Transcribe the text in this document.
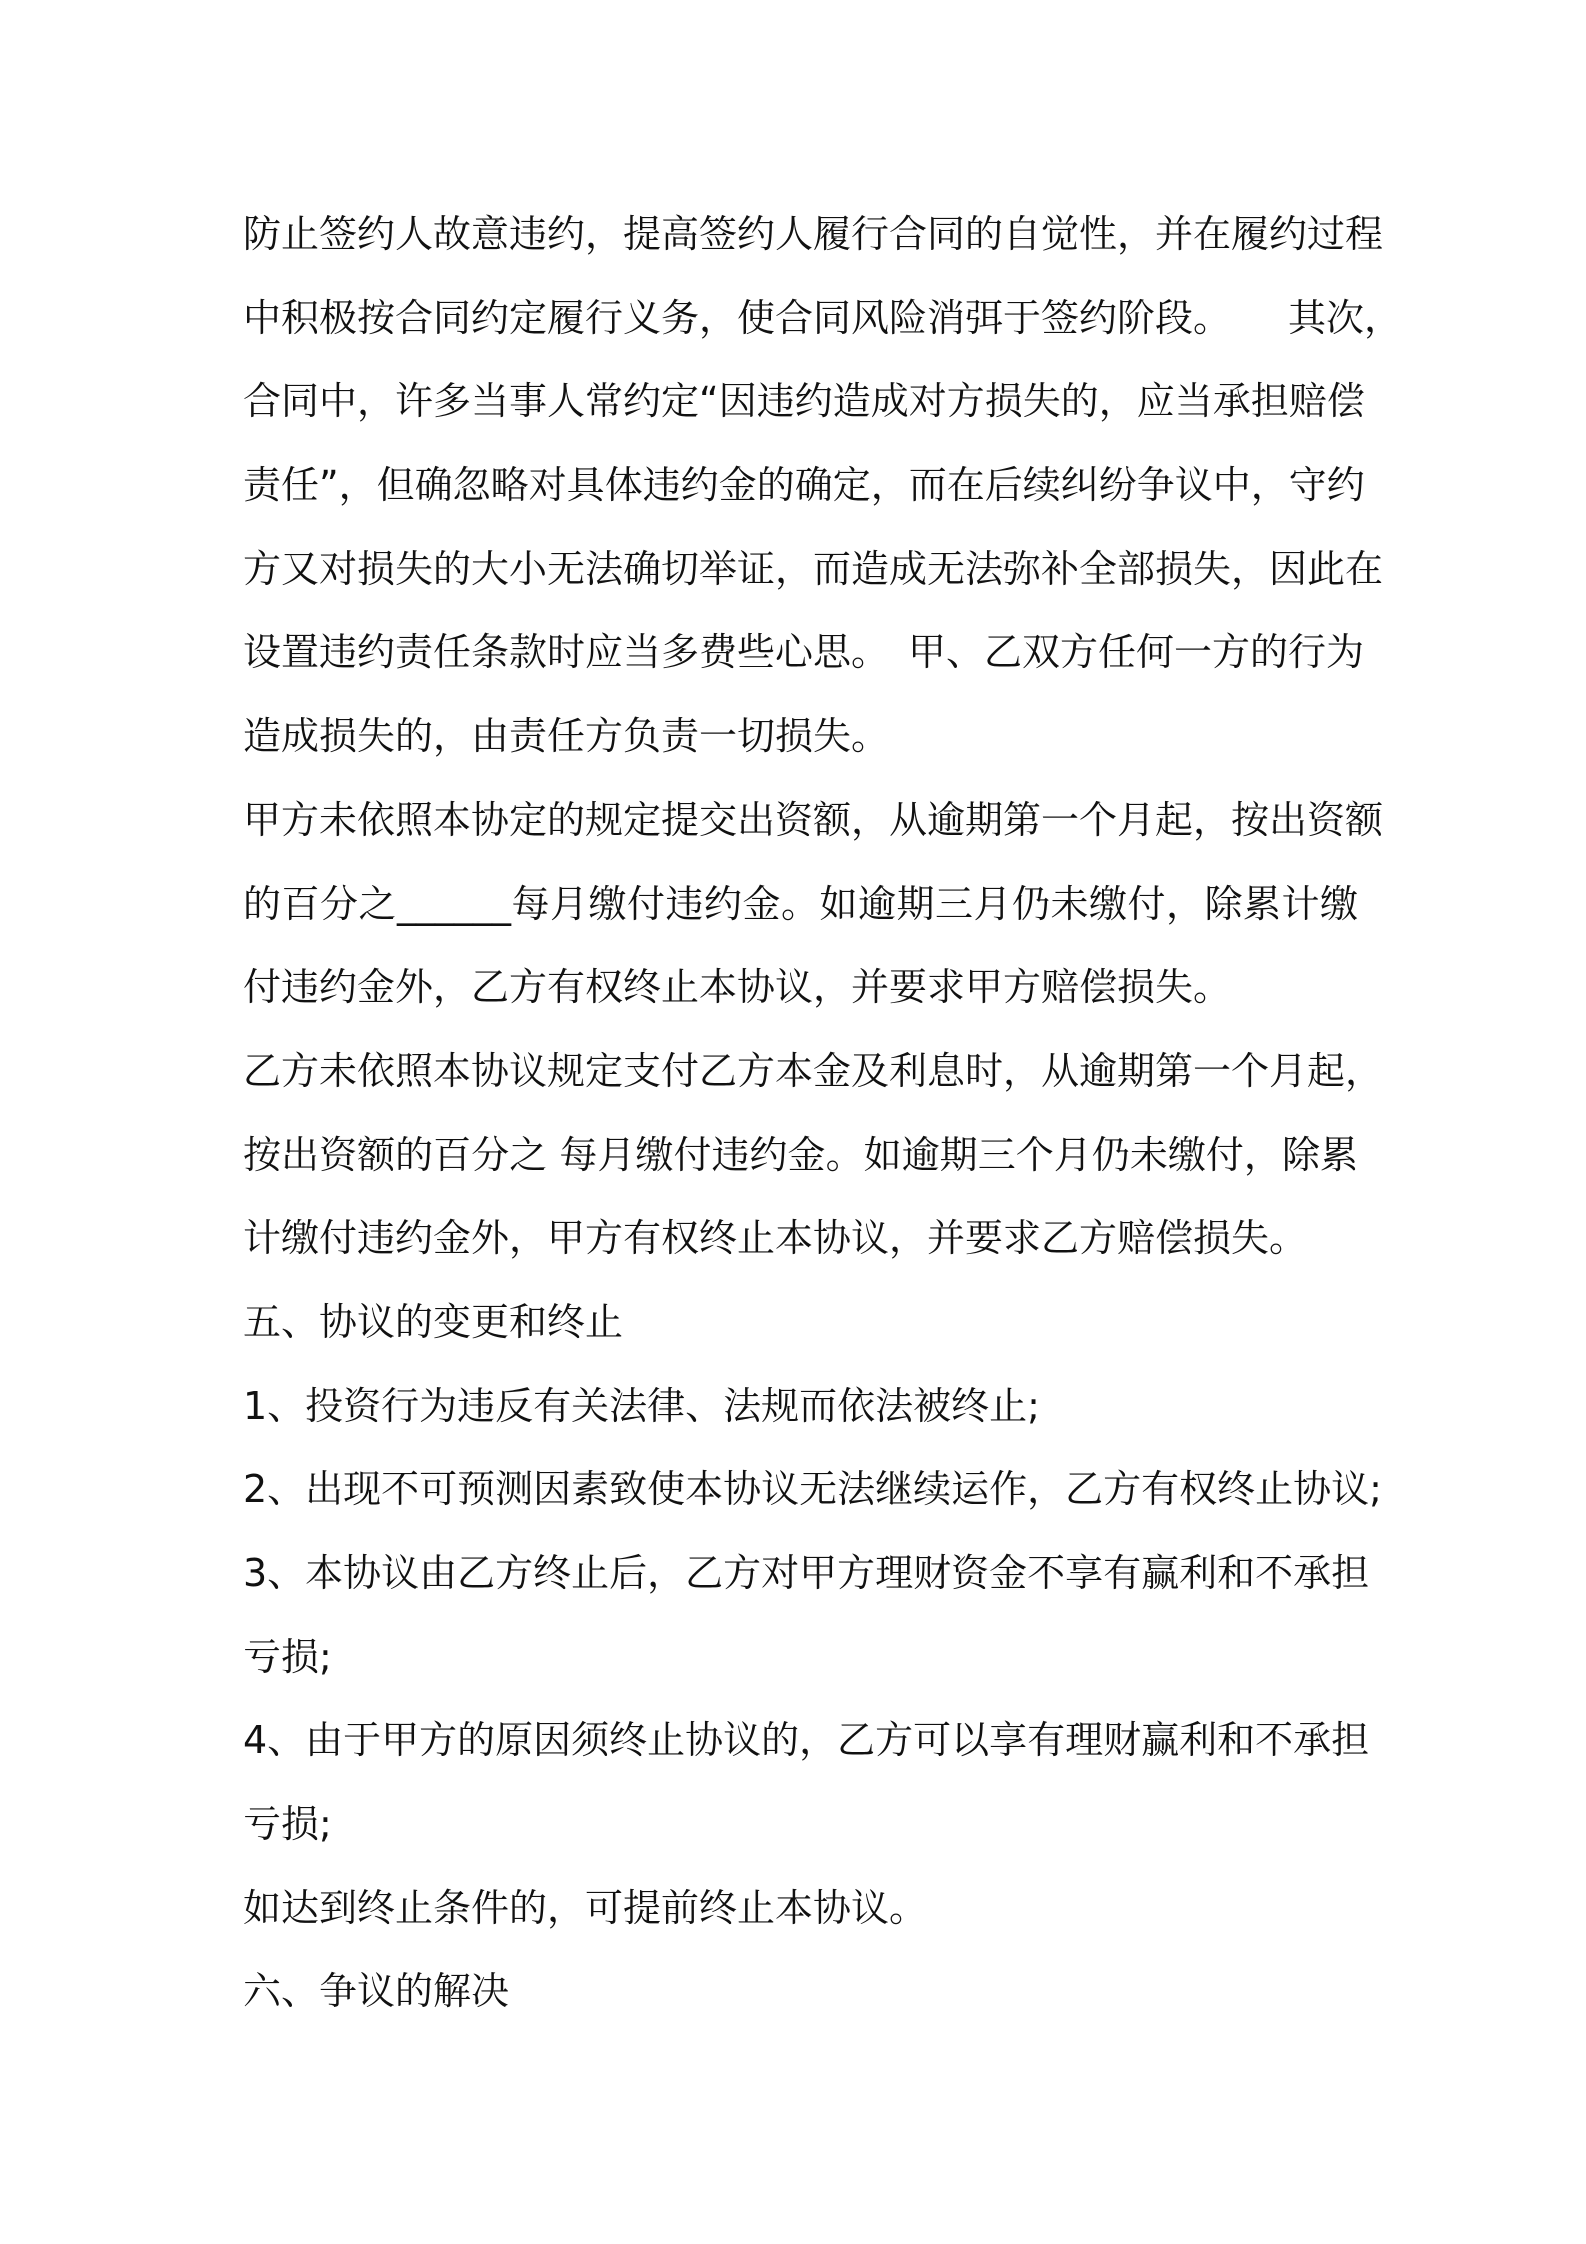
防止签约人故意违约，提高签约人履行合同的自觉性，并在履约过程
中积极按合同约定履行义务，使合同风险消弭于签约阶段。　　其次，
合同中，许多当事人常约定“因违约造成对方损失的，应当承担赔偿
责任”，但确忽略对具体违约金的确定，而在后续纠纷争议中，守约
方又对损失的大小无法确切举证，而造成无法弥补全部损失，因此在
设置违约责任条款时应当多费些心思。　甲、乙双方任何一方的行为
造成损失的，由责任方负责一切损失。
甲方未依照本协定的规定提交出资额，从逾期第一个月起，按出资额
的百分之______每月缴付违约金。如逾期三月仍未缴付，除累计缴
付违约金外，乙方有权终止本协议，并要求甲方赔偿损失。
乙方未依照本协议规定支付乙方本金及利息时，从逾期第一个月起，
按出资额的百分之 每月缴付违约金。如逾期三个月仍未缴付，除累
计缴付违约金外，甲方有权终止本协议，并要求乙方赔偿损失。
五、协议的变更和终止
1、投资行为违反有关法律、法规而依法被终止;
2、出现不可预测因素致使本协议无法继续运作，乙方有权终止协议;
3、本协议由乙方终止后，乙方对甲方理财资金不享有赢利和不承担
亏损;
4、由于甲方的原因须终止协议的，乙方可以享有理财赢利和不承担
亏损;
如达到终止条件的，可提前终止本协议。
六、争议的解决
